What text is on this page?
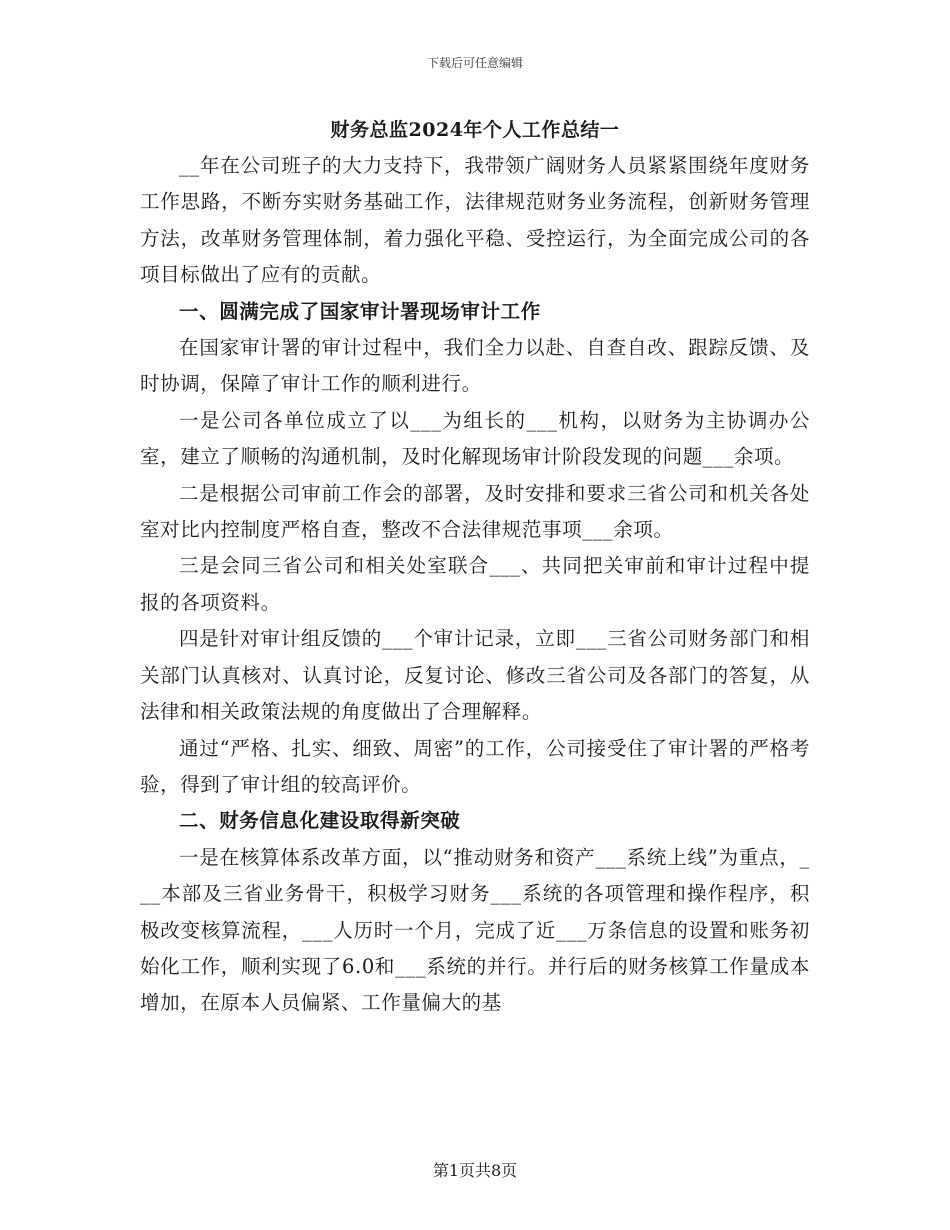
下载后可任意编辑
财务总监2024年个人工作总结一

__年在公司班子的大力支持下，我带领广阔财务人员紧紧围绕年度财务工作思路，不断夯实财务基础工作，法律规范财务业务流程，创新财务管理方法，改革财务管理体制，着力强化平稳、受控运行，为全面完成公司的各项目标做出了应有的贡献。

一、圆满完成了国家审计署现场审计工作

在国家审计署的审计过程中，我们全力以赴、自查自改、跟踪反馈、及时协调，保障了审计工作的顺利进行。

一是公司各单位成立了以___为组长的___机构，以财务为主协调办公室，建立了顺畅的沟通机制，及时化解现场审计阶段发现的问题___余项。

二是根据公司审前工作会的部署，及时安排和要求三省公司和机关各处室对比内控制度严格自查，整改不合法律规范事项___余项。

三是会同三省公司和相关处室联合___、共同把关审前和审计过程中提报的各项资料。

四是针对审计组反馈的___个审计记录，立即___三省公司财务部门和相关部门认真核对、认真讨论，反复讨论、修改三省公司及各部门的答复，从法律和相关政策法规的角度做出了合理解释。

通过“严格、扎实、细致、周密”的工作，公司接受住了审计署的严格考验，得到了审计组的较高评价。

二、财务信息化建设取得新突破

一是在核算体系改革方面，以“推动财务和资产___系统上线”为重点，___本部及三省业务骨干，积极学习财务___系统的各项管理和操作程序，积极改变核算流程，___人历时一个月，完成了近___万条信息的设置和账务初始化工作，顺利实现了6.0和___系统的并行。并行后的财务核算工作量成本增加，在原本人员偏紧、工作量偏大的基

第1页共8页
